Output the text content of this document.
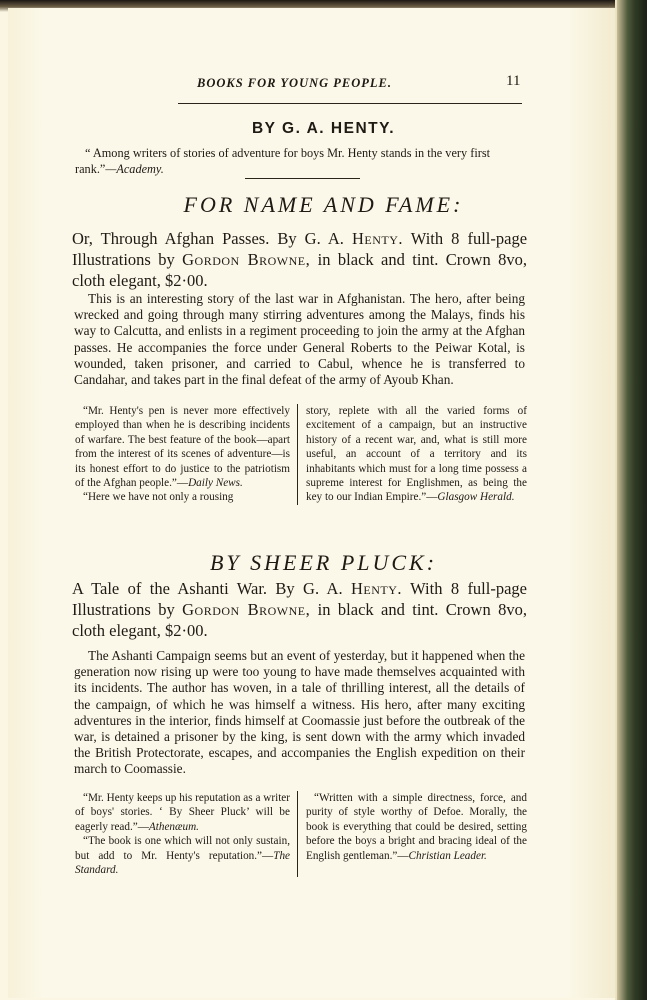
BOOKS FOR YOUNG PEOPLE.	11
BY G. A. HENTY.
“ Among writers of stories of adventure for boys Mr. Henty stands in the very first rank.”—Academy.
FOR NAME AND FAME:
Or, Through Afghan Passes. By G. A. Henty. With 8 full-page Illustrations by Gordon Browne, in black and tint. Crown 8vo, cloth elegant, $2·00.
This is an interesting story of the last war in Afghanistan. The hero, after being wrecked and going through many stirring adventures among the Malays, finds his way to Calcutta, and enlists in a regiment proceeding to join the army at the Afghan passes. He accompanies the force under General Roberts to the Peiwar Kotal, is wounded, taken prisoner, and carried to Cabul, whence he is transferred to Candahar, and takes part in the final defeat of the army of Ayoub Khan.

“Mr. Henty's pen is never more effectively employed than when he is describing incidents of warfare. The best feature of the book—apart from the interest of its scenes of adventure—is its honest effort to do justice to the patriotism of the Afghan people.”—Daily News.

“Here we have not only a rousing

story, replete with all the varied forms of excitement of a campaign, but an instructive history of a recent war, and, what is still more useful, an account of a territory and its inhabitants which must for a long time possess a supreme interest for Englishmen, as being the key to our Indian Empire.”—Glasgow Herald.

BY SHEER PLUCK:
A Tale of the Ashanti War. By G. A. Henty. With 8 full-page Illustrations by Gordon Browne, in black and tint. Crown 8vo, cloth elegant, $2·00.
The Ashanti Campaign seems but an event of yesterday, but it happened when the generation now rising up were too young to have made themselves acquainted with its incidents. The author has woven, in a tale of thrilling interest, all the details of the campaign, of which he was himself a witness. His hero, after many exciting adventures in the interior, finds himself at Coomassie just before the outbreak of the war, is detained a prisoner by the king, is sent down with the army which invaded the British Protectorate, escapes, and accompanies the English expedition on their march to Coomassie.

“Mr. Henty keeps up his reputation as a writer of boys' stories. ‘ By Sheer Pluck’ will be eagerly read.”—Athenæum.

“The book is one which will not only sustain, but add to Mr. Henty's reputation.”—The Standard.

“Written with a simple directness, force, and purity of style worthy of Defoe. Morally, the book is everything that could be desired, setting before the boys a bright and bracing ideal of the English gentleman.”—Christian Leader.
